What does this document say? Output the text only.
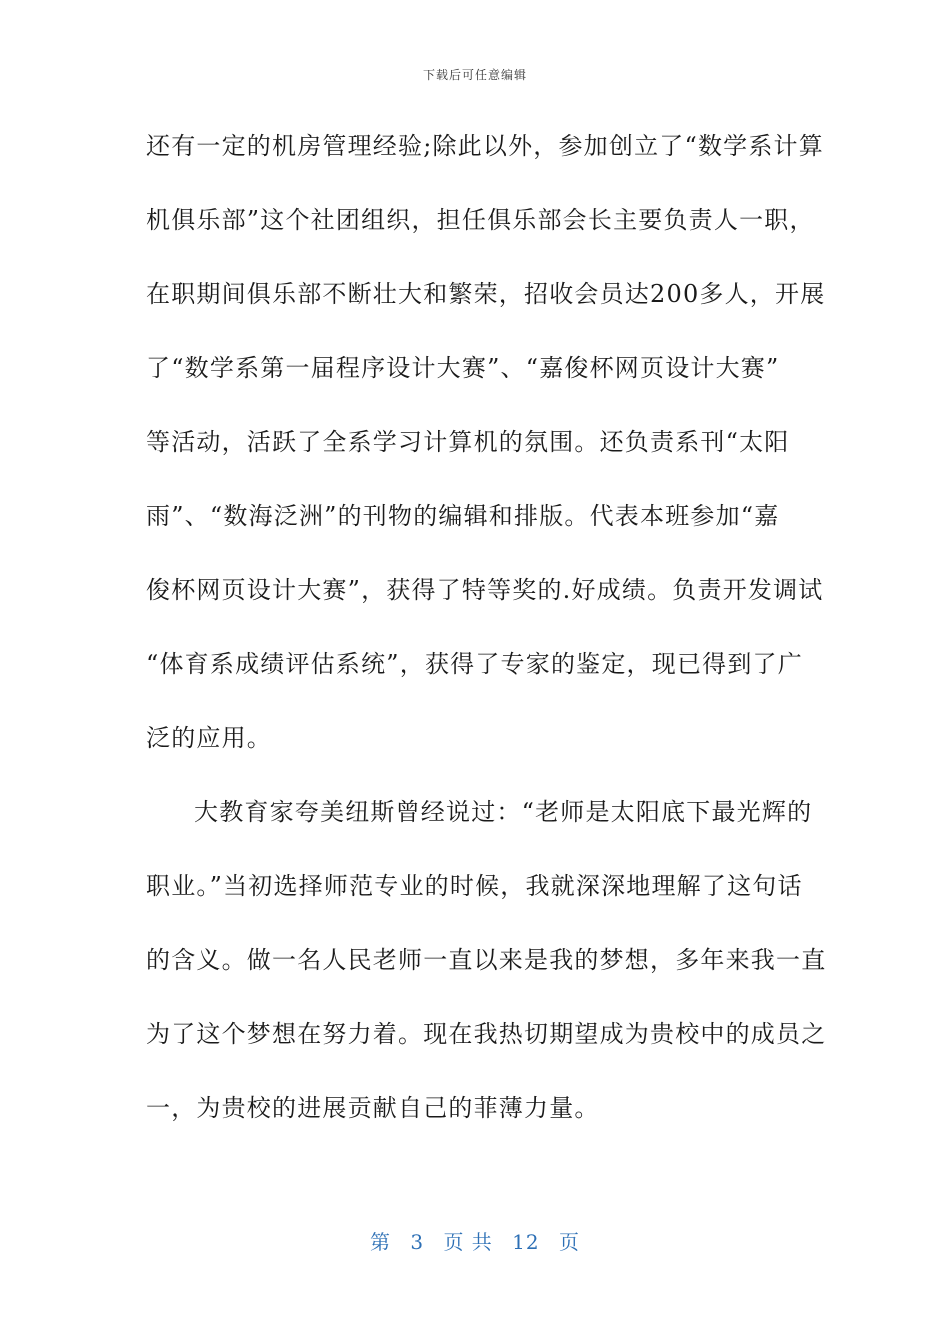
下载后可任意编辑
还有一定的机房管理经验;除此以外，参加创立了“数学系计算
机俱乐部”这个社团组织，担任俱乐部会长主要负责人一职，
在职期间俱乐部不断壮大和繁荣，招收会员达200多人，开展
了“数学系第一届程序设计大赛”、“嘉俊杯网页设计大赛”
等活动，活跃了全系学习计算机的氛围。还负责系刊“太阳
雨”、“数海泛洲”的刊物的编辑和排版。代表本班参加“嘉
俊杯网页设计大赛”，获得了特等奖的.好成绩。负责开发调试
“体育系成绩评估系统”，获得了专家的鉴定，现已得到了广
泛的应用。
大教育家夸美纽斯曾经说过：“老师是太阳底下最光辉的
职业。”当初选择师范专业的时候，我就深深地理解了这句话
的含义。做一名人民老师一直以来是我的梦想，多年来我一直
为了这个梦想在努力着。现在我热切期望成为贵校中的成员之
一，为贵校的进展贡献自己的菲薄力量。
第 3 页 共 12 页
